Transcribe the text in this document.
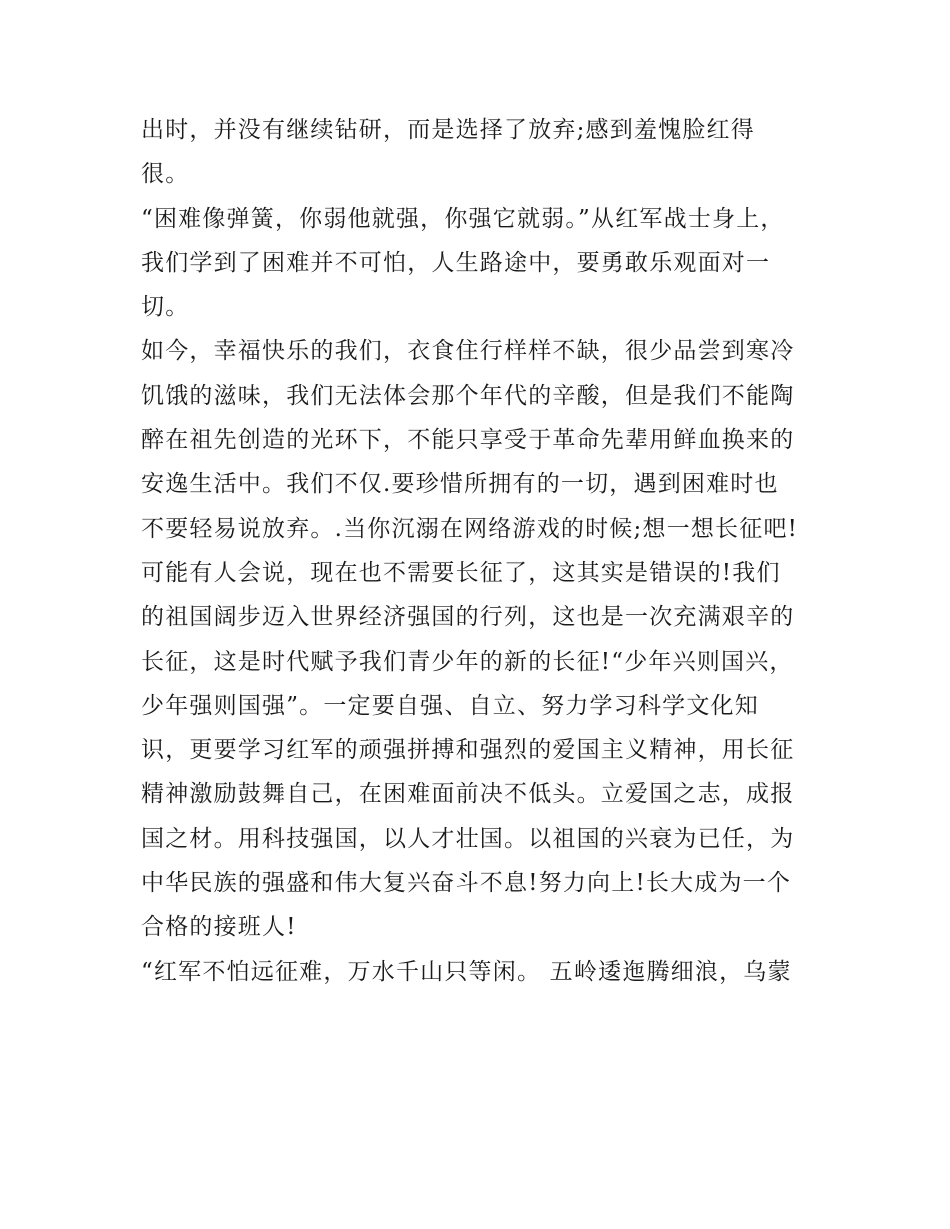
出时，并没有继续钻研，而是选择了放弃;感到羞愧脸红得
很。
“困难像弹簧，你弱他就强，你强它就弱。”从红军战士身上，
我们学到了困难并不可怕，人生路途中，要勇敢乐观面对一
切。
如今，幸福快乐的我们，衣食住行样样不缺，很少品尝到寒冷
饥饿的滋味，我们无法体会那个年代的辛酸，但是我们不能陶
醉在祖先创造的光环下，不能只享受于革命先辈用鲜血换来的
安逸生活中。我们不仅.要珍惜所拥有的一切，遇到困难时也
不要轻易说放弃。.当你沉溺在网络游戏的时候;想一想长征吧!
可能有人会说，现在也不需要长征了，这其实是错误的!我们
的祖国阔步迈入世界经济强国的行列，这也是一次充满艰辛的
长征，这是时代赋予我们青少年的新的长征!“少年兴则国兴，
少年强则国强”。一定要自强、自立、努力学习科学文化知
识，更要学习红军的顽强拼搏和强烈的爱国主义精神，用长征
精神激励鼓舞自己，在困难面前决不低头。立爱国之志，成报
国之材。用科技强国，以人才壮国。以祖国的兴衰为已任，为
中华民族的强盛和伟大复兴奋斗不息!努力向上!长大成为一个
合格的接班人!
“红军不怕远征难，万水千山只等闲。 五岭逶迤腾细浪，乌蒙
